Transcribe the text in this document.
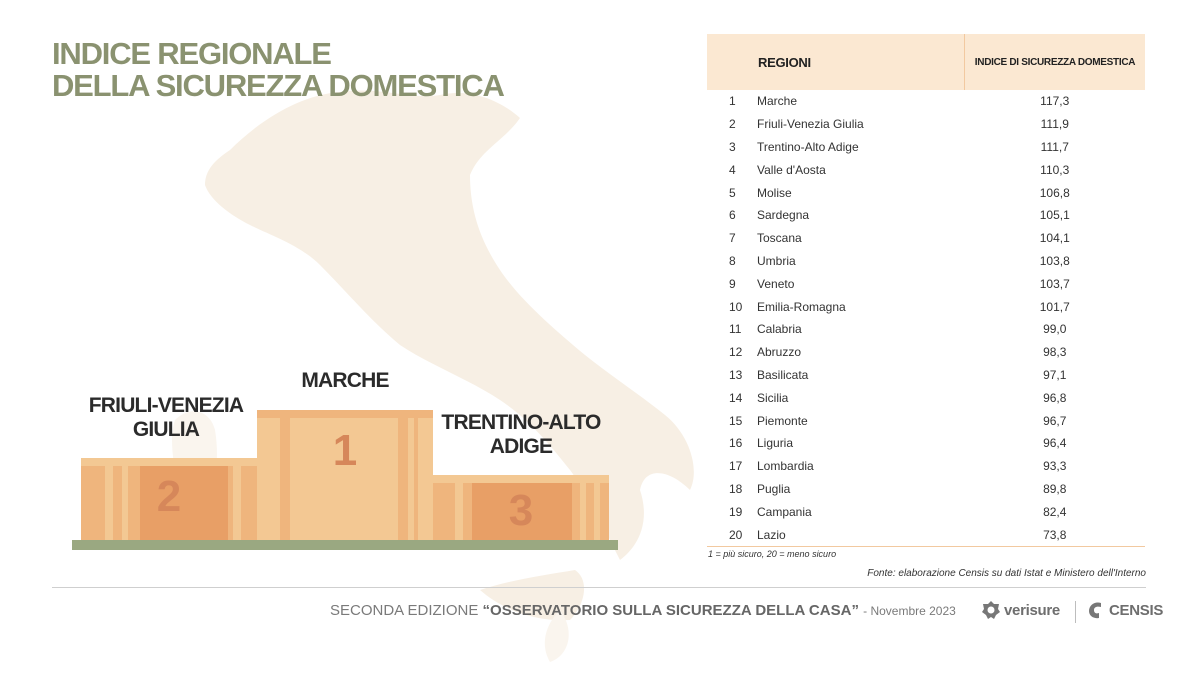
INDICE REGIONALE
DELLA SICUREZZA DOMESTICA
MARCHE
FRIULI-VENEZIA
GIULIA	TRENTINO-ALTO
ADIGE
1
2	3
	REGIONI	INDICE DI SICUREZZA DOMESTICA
1	Marche	117,3
2	Friuli-Venezia Giulia	111,9
3	Trentino-Alto Adige	111,7
4	Valle d'Aosta	110,3
5	Molise	106,8
6	Sardegna	105,1
7	Toscana	104,1
8	Umbria	103,8
9	Veneto	103,7
10	Emilia-Romagna	101,7
11	Calabria	99,0
12	Abruzzo	98,3
13	Basilicata	97,1
14	Sicilia	96,8
15	Piemonte	96,7
16	Liguria	96,4
17	Lombardia	93,3
18	Puglia	89,8
19	Campania	82,4
20	Lazio	73,8
1 = più sicuro, 20 = meno sicuro
Fonte: elaborazione Censis su dati Istat e Ministero dell'Interno
SECONDA EDIZIONE “OSSERVATORIO SULLA SICUREZZA DELLA CASA” - Novembre 2023	verisure	CENSIS
